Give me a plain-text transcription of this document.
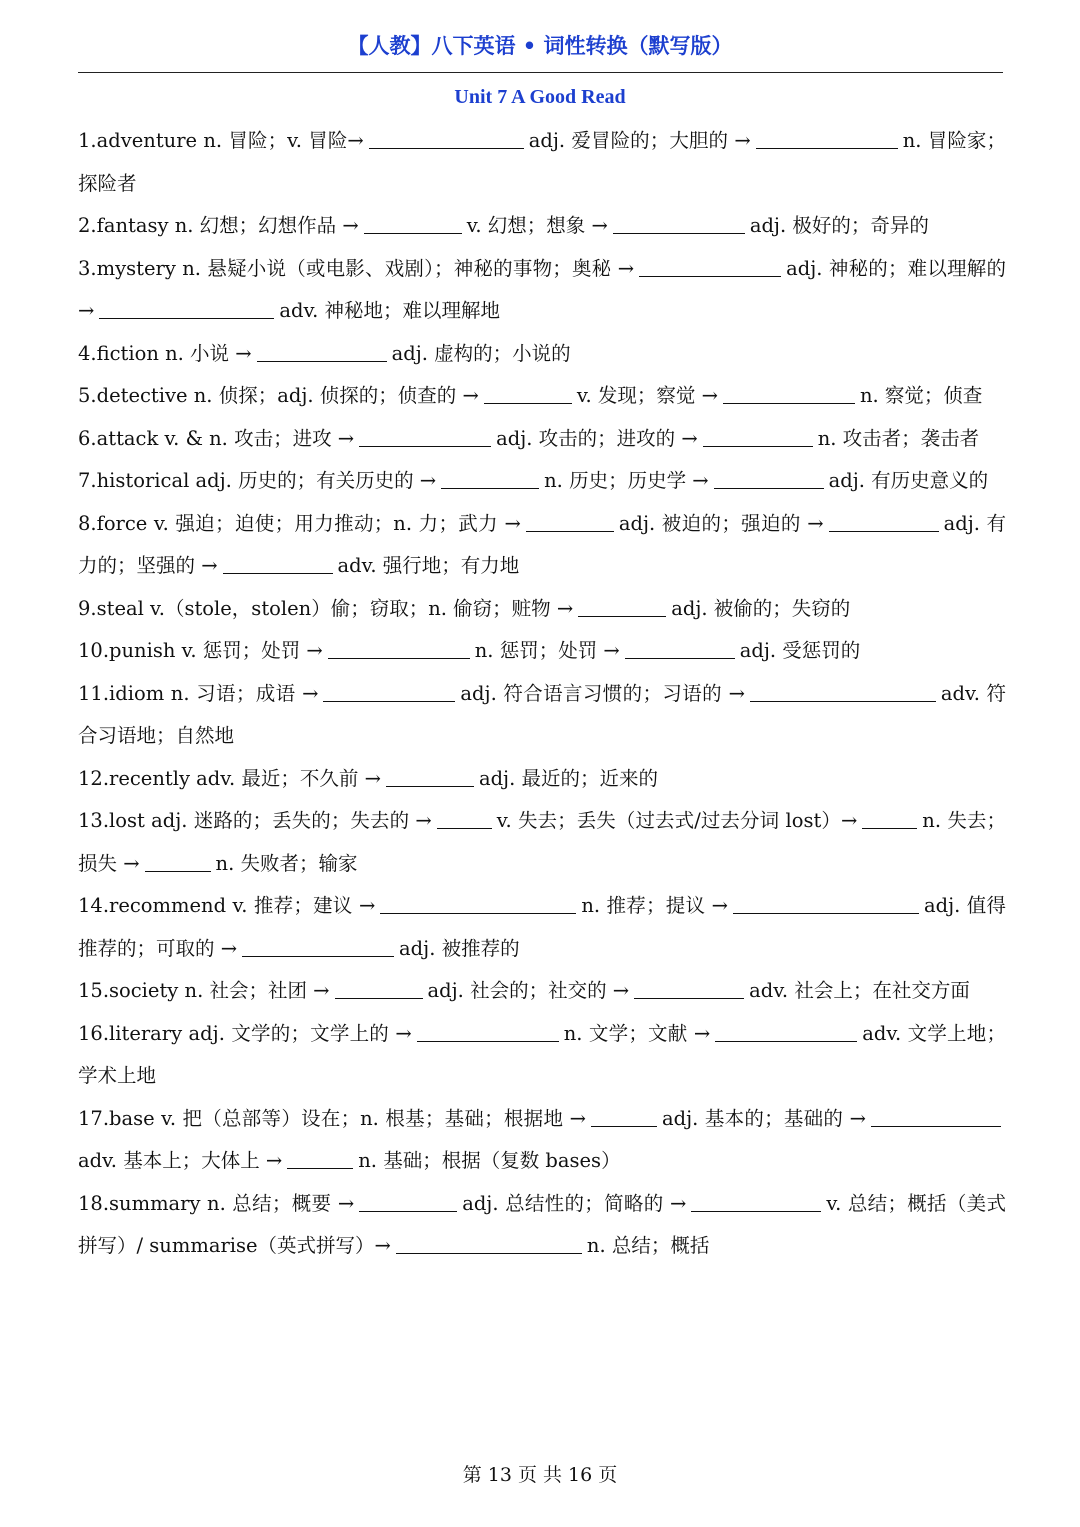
【人教】八下英语 • 词性转换（默写版）
Unit 7 A Good Read

1.adventure n. 冒险；v. 冒险→	adj. 爱冒险的；大胆的 →	n. 冒险家；探险者

2.fantasy n. 幻想；幻想作品 →	v. 幻想；想象 →	adj. 极好的；奇异的

3.mystery n. 悬疑小说（或电影、戏剧）；神秘的事物；奥秘 →	adj. 神秘的；难以理解的 →	adv. 神秘地；难以理解地

4.fiction n. 小说 →	adj. 虚构的；小说的

5.detective n. 侦探；adj. 侦探的；侦查的 →	v. 发现；察觉 →	n. 察觉；侦查

6.attack v. & n. 攻击；进攻 →	adj. 攻击的；进攻的 →	n. 攻击者；袭击者

7.historical adj. 历史的；有关历史的 →	n. 历史；历史学 →	adj. 有历史意义的

8.force v. 强迫；迫使；用力推动；n. 力；武力 →	adj. 被迫的；强迫的 →	adj. 有力的；坚强的 →	adv. 强行地；有力地

9.steal v.（stole，stolen）偷；窃取；n. 偷窃；赃物 →	adj. 被偷的；失窃的

10.punish v. 惩罚；处罚 →	n. 惩罚；处罚 →	adj. 受惩罚的

11.idiom n. 习语；成语 →	adj. 符合语言习惯的；习语的 →	adv. 符合习语地；自然地

12.recently adv. 最近；不久前 →	adj. 最近的；近来的

13.lost adj. 迷路的；丢失的；失去的 →	v. 失去；丢失（过去式/过去分词 lost）→	n. 失去；损失 →	n. 失败者；输家

14.recommend v. 推荐；建议 →	n. 推荐；提议 →	adj. 值得推荐的；可取的 →	adj. 被推荐的

15.society n. 社会；社团 →	adj. 社会的；社交的 →	adv. 社会上；在社交方面

16.literary adj. 文学的；文学上的 →	n. 文学；文献 →	adv. 文学上地；学术上地

17.base v. 把（总部等）设在；n. 根基；基础；根据地 →	adj. 基本的；基础的 →adv. 基本上；大体上 →	n. 基础；根据（复数 bases）

18.summary n. 总结；概要 →	adj. 总结性的；简略的 →	v. 总结；概括（美式拼写）/ summarise（英式拼写）→	n. 总结；概括

第 13 页 共 16 页
